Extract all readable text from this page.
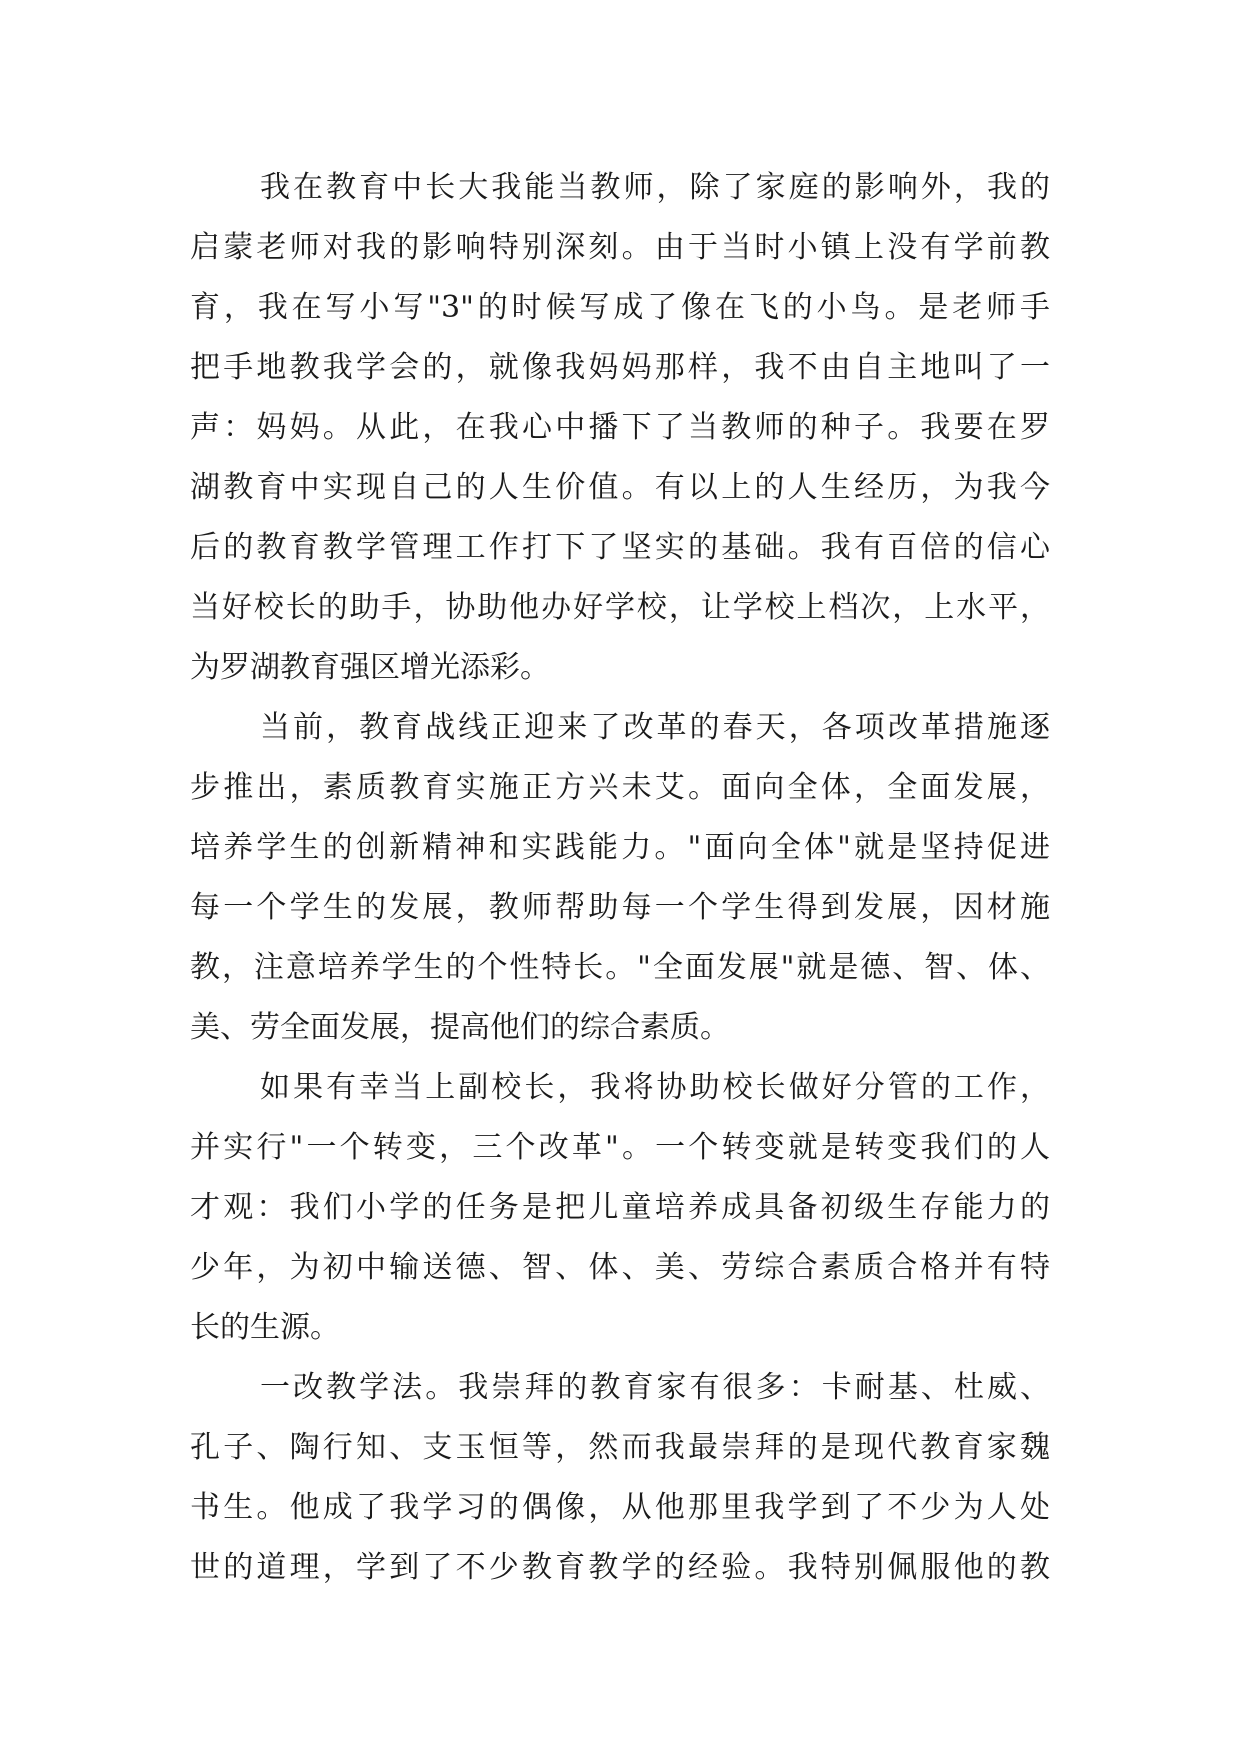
我在教育中长大我能当教师，除了家庭的影响外，我的
启蒙老师对我的影响特别深刻。由于当时小镇上没有学前教
育，我在写小写"3"的时候写成了像在飞的小鸟。是老师手
把手地教我学会的，就像我妈妈那样，我不由自主地叫了一
声：妈妈。从此，在我心中播下了当教师的种子。我要在罗
湖教育中实现自己的人生价值。有以上的人生经历，为我今
后的教育教学管理工作打下了坚实的基础。我有百倍的信心
当好校长的助手，协助他办好学校，让学校上档次，上水平，
为罗湖教育强区增光添彩。
当前，教育战线正迎来了改革的春天，各项改革措施逐
步推出，素质教育实施正方兴未艾。面向全体，全面发展，
培养学生的创新精神和实践能力。"面向全体"就是坚持促进
每一个学生的发展，教师帮助每一个学生得到发展，因材施
教，注意培养学生的个性特长。"全面发展"就是德、智、体、
美、劳全面发展，提高他们的综合素质。
如果有幸当上副校长，我将协助校长做好分管的工作，
并实行"一个转变，三个改革"。一个转变就是转变我们的人
才观：我们小学的任务是把儿童培养成具备初级生存能力的
少年，为初中输送德、智、体、美、劳综合素质合格并有特
长的生源。
一改教学法。我崇拜的教育家有很多：卡耐基、杜威、
孔子、陶行知、支玉恒等，然而我最崇拜的是现代教育家魏
书生。他成了我学习的偶像，从他那里我学到了不少为人处
世的道理，学到了不少教育教学的经验。我特别佩服他的教
